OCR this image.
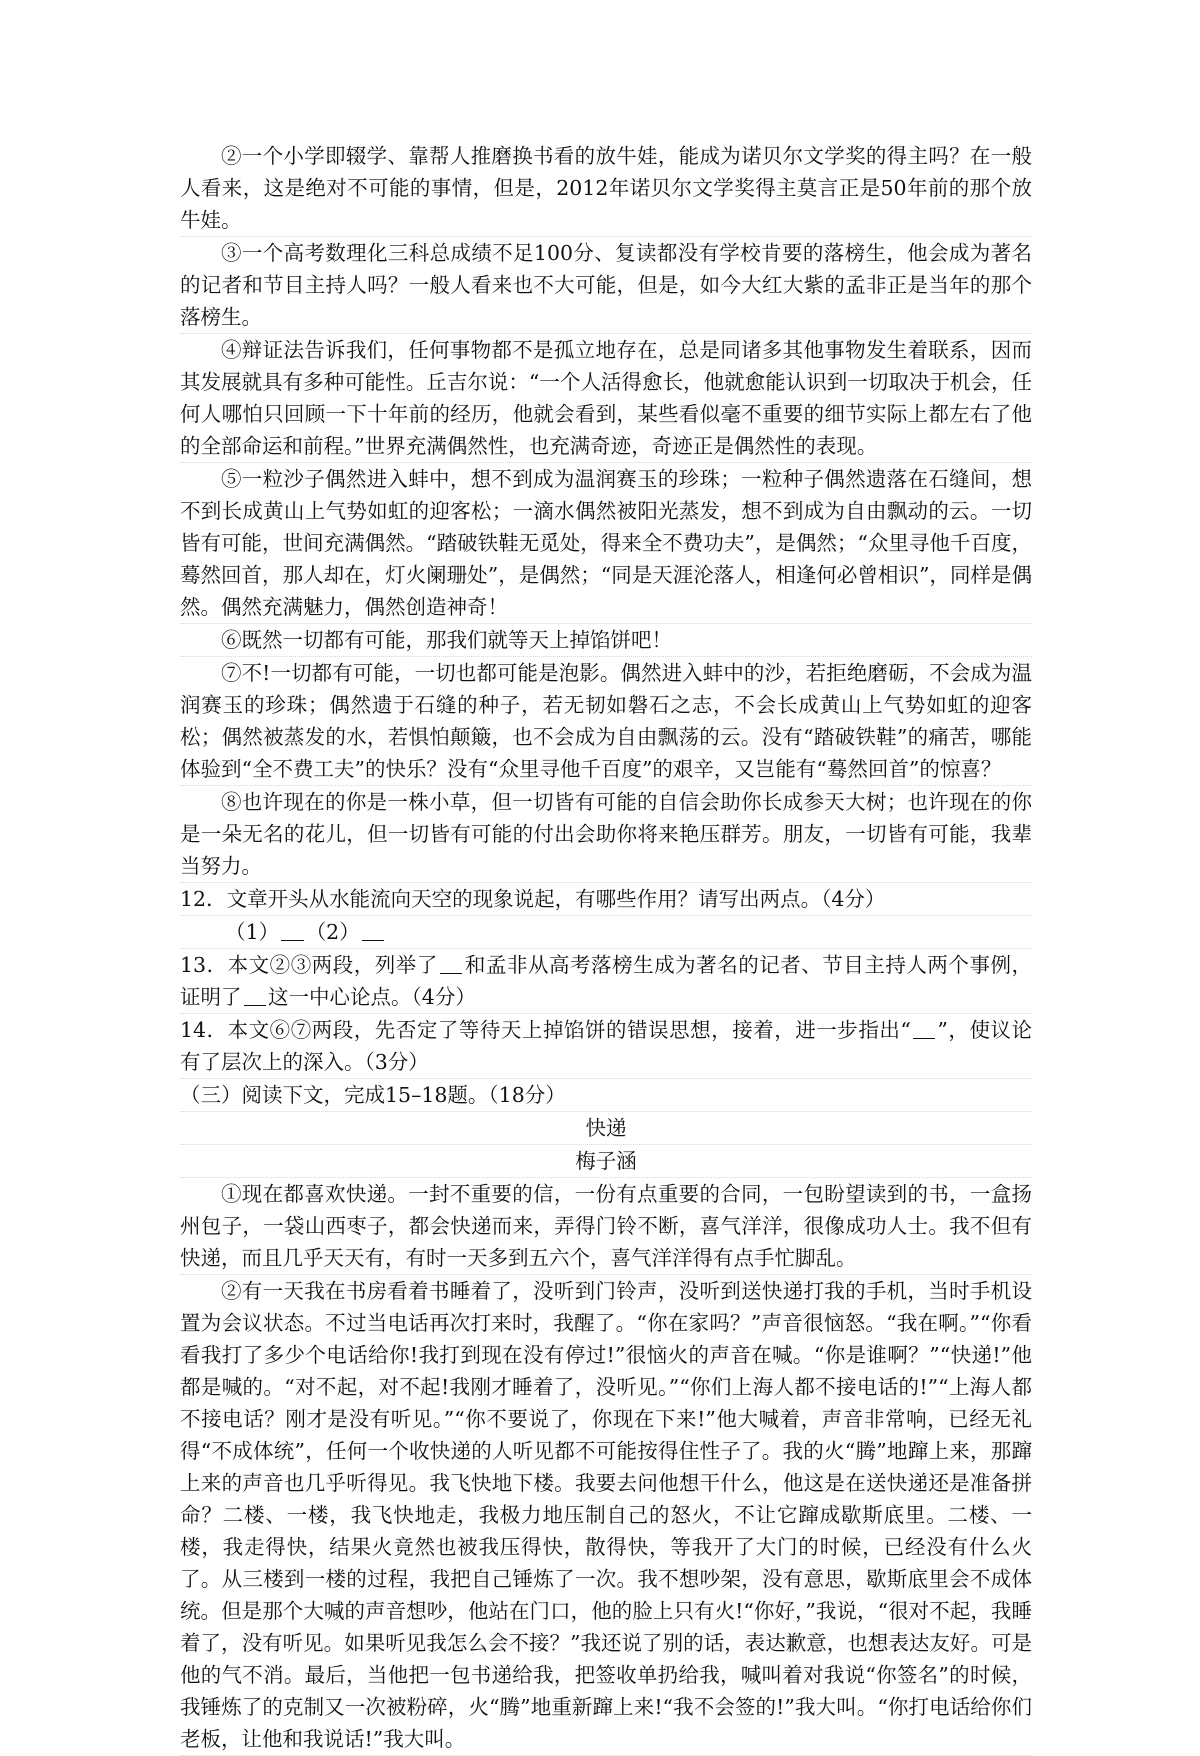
②一个小学即辍学、靠帮人推磨换书看的放牛娃，能成为诺贝尔文学奖的得主吗？在一般人看来，这是绝对不可能的事情，但是，2012年诺贝尔文学奖得主莫言正是50年前的那个放牛娃。

③一个高考数理化三科总成绩不足100分、复读都没有学校肯要的落榜生，他会成为著名的记者和节目主持人吗？一般人看来也不大可能，但是，如今大红大紫的孟非正是当年的那个落榜生。

④辩证法告诉我们，任何事物都不是孤立地存在，总是同诸多其他事物发生着联系，因而其发展就具有多种可能性。丘吉尔说：“一个人活得愈长，他就愈能认识到一切取决于机会，任何人哪怕只回顾一下十年前的经历，他就会看到，某些看似毫不重要的细节实际上都左右了他的全部命运和前程。”世界充满偶然性，也充满奇迹，奇迹正是偶然性的表现。

⑤一粒沙子偶然进入蚌中，想不到成为温润赛玉的珍珠；一粒种子偶然遗落在石缝间，想不到长成黄山上气势如虹的迎客松；一滴水偶然被阳光蒸发，想不到成为自由飘动的云。一切皆有可能，世间充满偶然。“踏破铁鞋无觅处，得来全不费功夫”，是偶然；“众里寻他千百度，蓦然回首，那人却在，灯火阑珊处”，是偶然；“同是天涯沦落人，相逢何必曾相识”，同样是偶然。偶然充满魅力，偶然创造神奇！

⑥既然一切都有可能，那我们就等天上掉馅饼吧！

⑦不!一切都有可能，一切也都可能是泡影。偶然进入蚌中的沙，若拒绝磨砺，不会成为温润赛玉的珍珠；偶然遗于石缝的种子，若无韧如磐石之志，不会长成黄山上气势如虹的迎客松；偶然被蒸发的水，若惧怕颠簸，也不会成为自由飘荡的云。没有“踏破铁鞋”的痛苦，哪能体验到“全不费工夫”的快乐？没有“众里寻他千百度”的艰辛，又岂能有“蓦然回首”的惊喜？

⑧也许现在的你是一株小草，但一切皆有可能的自信会助你长成参天大树；也许现在的你是一朵无名的花儿，但一切皆有可能的付出会助你将来艳压群芳。朋友，一切皆有可能，我辈当努力。

12．文章开头从水能流向天空的现象说起，有哪些作用？请写出两点。（4分）

（1） （2）

13．本文②③两段，列举了 和孟非从高考落榜生成为著名的记者、节目主持人两个事例，证明了 这一中心论点。（4分）

14．本文⑥⑦两段，先否定了等待天上掉馅饼的错误思想，接着，进一步指出“ ”，使议论有了层次上的深入。（3分）

（三）阅读下文，完成15–18题。（18分）

快递

梅子涵

①现在都喜欢快递。一封不重要的信，一份有点重要的合同，一包盼望读到的书，一盒扬州包子，一袋山西枣子，都会快递而来，弄得门铃不断，喜气洋洋，很像成功人士。我不但有快递，而且几乎天天有，有时一天多到五六个，喜气洋洋得有点手忙脚乱。

②有一天我在书房看着书睡着了，没听到门铃声，没听到送快递打我的手机，当时手机设置为会议状态。不过当电话再次打来时，我醒了。“你在家吗？”声音很恼怒。“我在啊。”“你看看我打了多少个电话给你!我打到现在没有停过!”很恼火的声音在喊。“你是谁啊？”“快递!”他都是喊的。“对不起，对不起!我刚才睡着了，没听见。”“你们上海人都不接电话的!”“上海人都不接电话？刚才是没有听见。”“你不要说了，你现在下来!”他大喊着，声音非常响，已经无礼得“不成体统”，任何一个收快递的人听见都不可能按得住性子了。我的火“腾”地蹿上来，那蹿上来的声音也几乎听得见。我飞快地下楼。我要去问他想干什么，他这是在送快递还是准备拼命？二楼、一楼，我飞快地走，我极力地压制自己的怒火，不让它蹿成歇斯底里。二楼、一楼，我走得快，结果火竟然也被我压得快，散得快，等我开了大门的时候，已经没有什么火了。从三楼到一楼的过程，我把自己锤炼了一次。我不想吵架，没有意思，歇斯底里会不成体统。但是那个大喊的声音想吵，他站在门口，他的脸上只有火!“你好，”我说，“很对不起，我睡着了，没有听见。如果听见我怎么会不接？”我还说了别的话，表达歉意，也想表达友好。可是他的气不消。最后，当他把一包书递给我，把签收单扔给我，喊叫着对我说“你签名”的时候，我锤炼了的克制又一次被粉碎，火“腾”地重新蹿上来!“我不会签的!”我大叫。“你打电话给你们老板，让他和我说话!”我大叫。
